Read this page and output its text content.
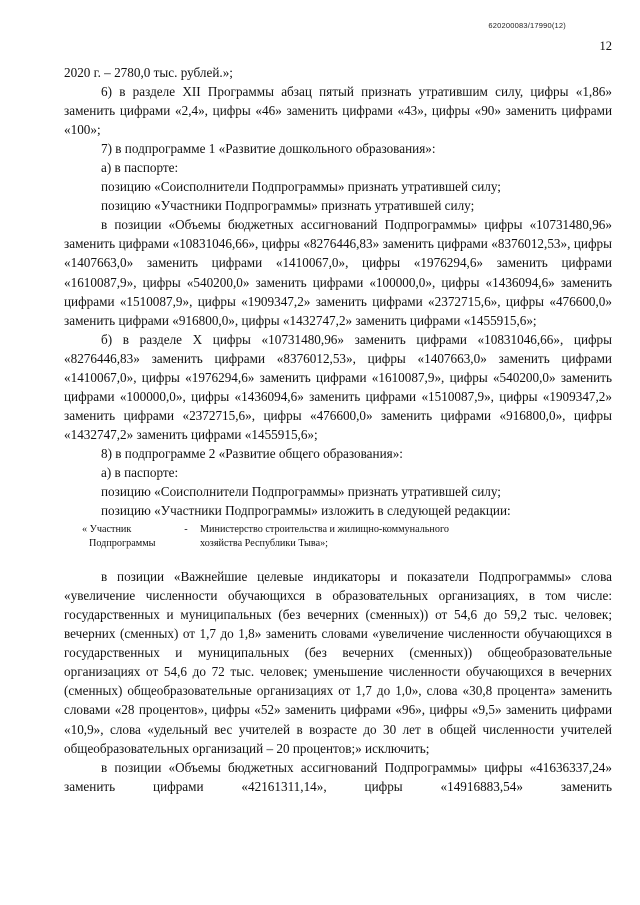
620200083/17990(12)
12

2020 г. – 2780,0 тыс. рублей.»;

6) в разделе XII Программы абзац пятый признать утратившим силу, цифры «1,86» заменить цифрами «2,4», цифры «46» заменить цифрами «43», цифры «90» заменить цифрами «100»;

7) в подпрограмме 1 «Развитие дошкольного образования»:

а) в паспорте:

позицию «Соисполнители Подпрограммы» признать утратившей силу;

позицию «Участники Подпрограммы» признать утратившей силу;

в позиции «Объемы бюджетных ассигнований Подпрограммы» цифры «10731480,96» заменить цифрами «10831046,66», цифры «8276446,83» заменить цифрами «8376012,53», цифры «1407663,0» заменить цифрами «1410067,0», цифры «1976294,6» заменить цифрами «1610087,9», цифры «540200,0» заменить цифрами «100000,0», цифры «1436094,6» заменить цифрами «1510087,9», цифры «1909347,2» заменить цифрами «2372715,6», цифры «476600,0» заменить цифрами «916800,0», цифры «1432747,2» заменить цифрами «1455915,6»;

б) в разделе X цифры «10731480,96» заменить цифрами «10831046,66», цифры «8276446,83» заменить цифрами «8376012,53», цифры «1407663,0» заменить цифрами «1410067,0», цифры «1976294,6» заменить цифрами «1610087,9», цифры «540200,0» заменить цифрами «100000,0», цифры «1436094,6» заменить цифрами «1510087,9», цифры «1909347,2» заменить цифрами «2372715,6», цифры «476600,0» заменить цифрами «916800,0», цифры «1432747,2» заменить цифрами «1455915,6»;

8) в подпрограмме 2 «Развитие общего образования»:

а) в паспорте:

позицию «Соисполнители Подпрограммы» признать утратившей силу;

позицию «Участники Подпрограммы» изложить в следующей редакции:

« Участник
Подпрограммы
-	Министерство строительства и жилищно-коммунального
хозяйства Республики Тыва»;

в позиции «Важнейшие целевые индикаторы и показатели Подпрограммы» слова «увеличение численности обучающихся в образовательных организациях, в том числе: государственных и муниципальных (без вечерних (сменных)) от 54,6 до 59,2 тыс. человек; вечерних (сменных) от 1,7 до 1,8» заменить словами «увеличение численности обучающихся в государственных и муниципальных (без вечерних (сменных)) общеобразовательные организациях от 54,6 до 72 тыс. человек; уменьшение численности обучающихся в вечерних (сменных) общеобразовательные организациях от 1,7 до 1,0», слова «30,8 процента» заменить словами «28 процентов», цифры «52» заменить цифрами «96», цифры «9,5» заменить цифрами «10,9», слова «удельный вес учителей в возрасте до 30 лет в общей численности учителей общеобразовательных организаций – 20 процентов;» исключить;

в позиции «Объемы бюджетных ассигнований Подпрограммы» цифры «41636337,24» заменить цифрами «42161311,14», цифры «14916883,54» заменить
